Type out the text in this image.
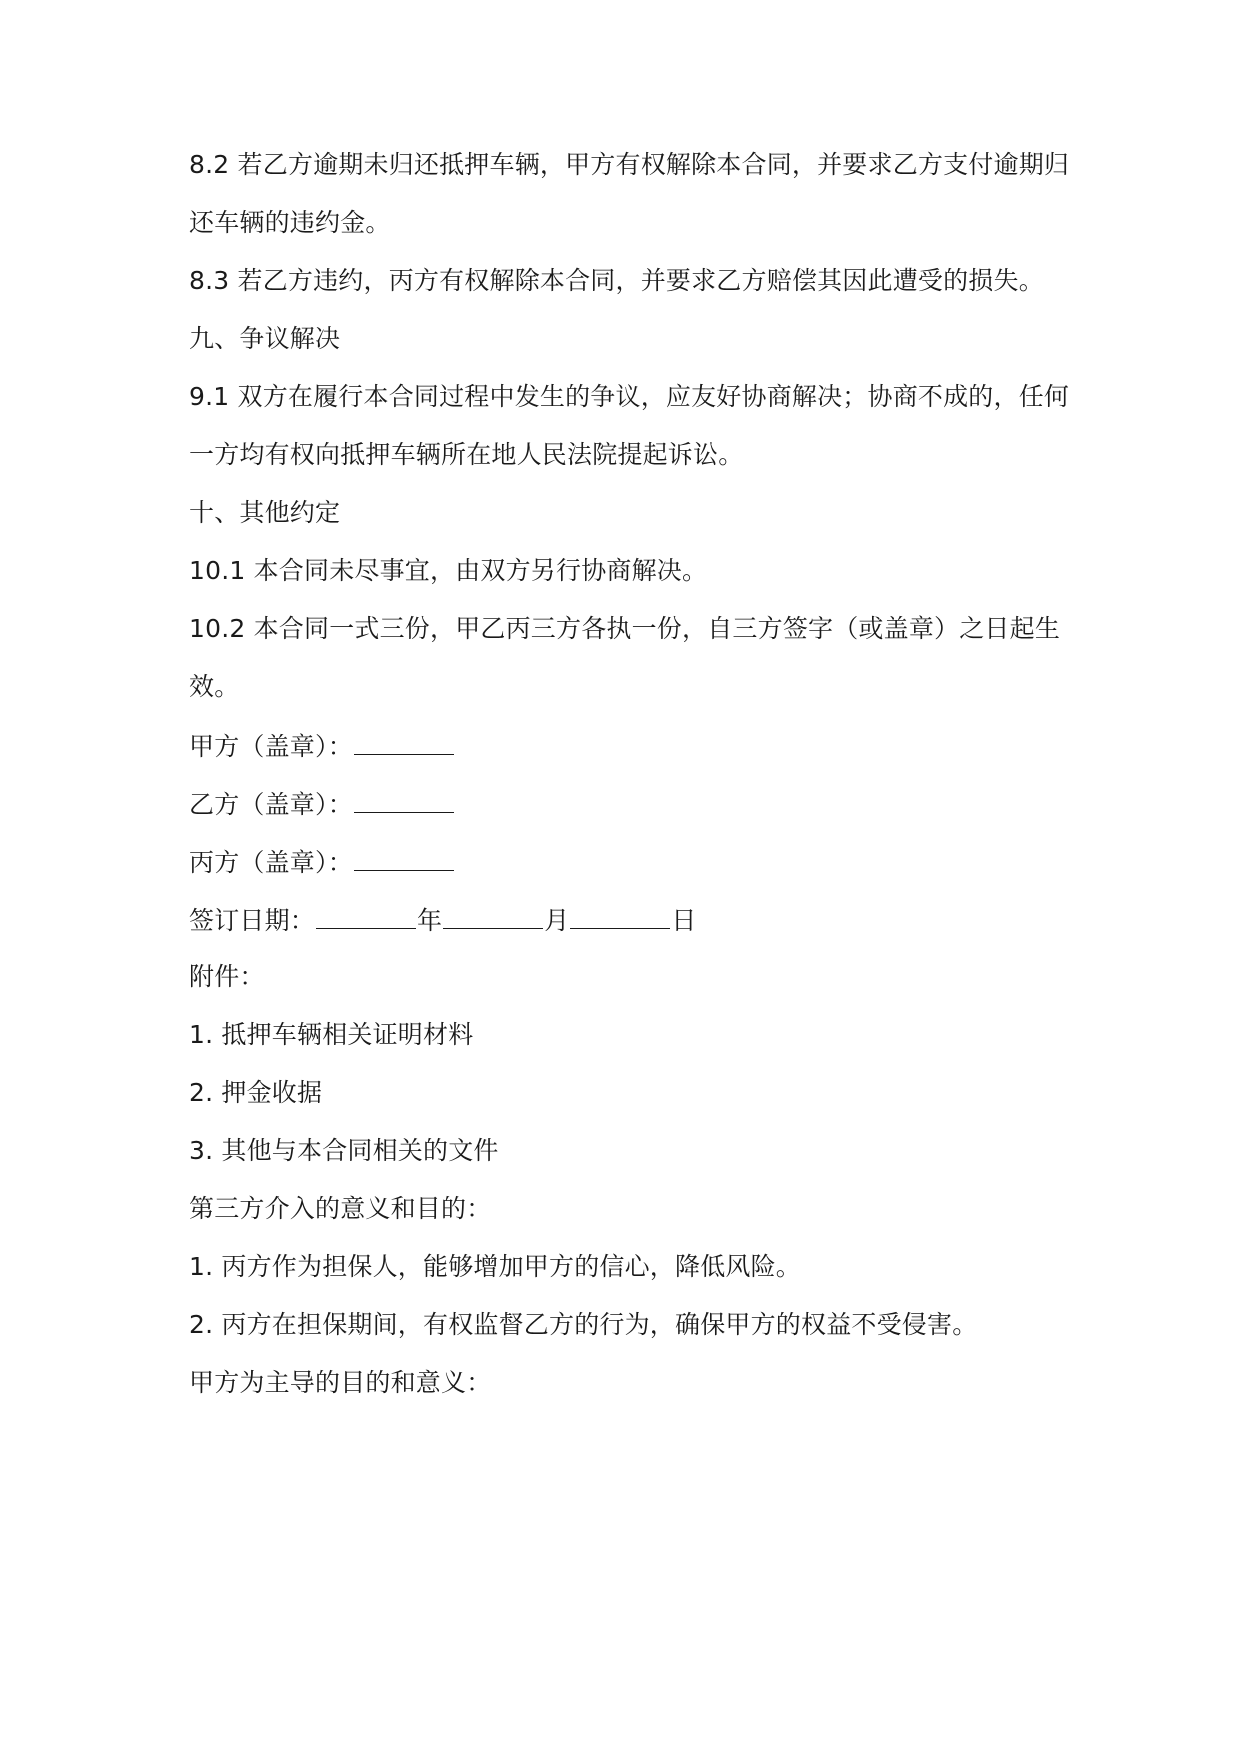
8.2 若乙方逾期未归还抵押车辆，甲方有权解除本合同，并要求乙方支付逾期归
还车辆的违约金。
8.3 若乙方违约，丙方有权解除本合同，并要求乙方赔偿其因此遭受的损失。
九、争议解决
9.1 双方在履行本合同过程中发生的争议，应友好协商解决；协商不成的，任何
一方均有权向抵押车辆所在地人民法院提起诉讼。
十、其他约定
10.1 本合同未尽事宜，由双方另行协商解决。
10.2 本合同一式三份，甲乙丙三方各执一份，自三方签字（或盖章）之日起生
效。
甲方（盖章）：
乙方（盖章）：
丙方（盖章）：
签订日期：	年	月	日
附件：
1. 抵押车辆相关证明材料
2. 押金收据
3. 其他与本合同相关的文件
第三方介入的意义和目的：
1. 丙方作为担保人，能够增加甲方的信心，降低风险。
2. 丙方在担保期间，有权监督乙方的行为，确保甲方的权益不受侵害。
甲方为主导的目的和意义：
